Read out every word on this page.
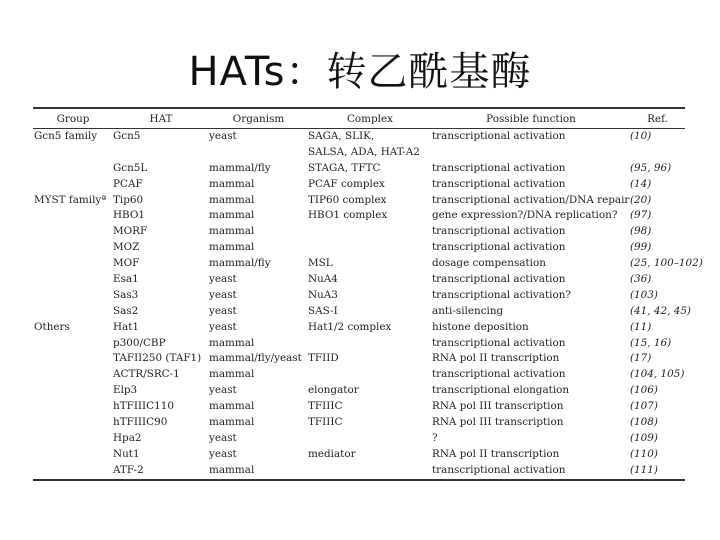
HATs：转乙酰基酶
Group	HAT	Organism	Complex	Possible function	Ref.
Gcn5 family	Gcn5	yeast	SAGA, SLIK,	transcriptional activation	(10)
			SALSA, ADA, HAT-A2		
	Gcn5L	mammal/fly	STAGA, TFTC	transcriptional activation	(95, 96)
	PCAF	mammal	PCAF complex	transcriptional activation	(14)
MYST familyª	Tip60	mammal	TIP60 complex	transcriptional activation/DNA repair	(20)
	HBO1	mammal	HBO1 complex	gene expression?/DNA replication?	(97)
	MORF	mammal		transcriptional activation	(98)
	MOZ	mammal		transcriptional activation	(99)
	MOF	mammal/fly	MSL	dosage compensation	(25, 100–102)
	Esa1	yeast	NuA4	transcriptional activation	(36)
	Sas3	yeast	NuA3	transcriptional activation?	(103)
	Sas2	yeast	SAS-I	anti-silencing	(41, 42, 45)
Others	Hat1	yeast	Hat1/2 complex	histone deposition	(11)
	p300/CBP	mammal		transcriptional activation	(15, 16)
	TAFII250 (TAF1)	mammal/fly/yeast	TFIID	RNA pol II transcription	(17)
	ACTR/SRC-1	mammal		transcriptional activation	(104, 105)
	Elp3	yeast	elongator	transcriptional elongation	(106)
	hTFIIIC110	mammal	TFIIIC	RNA pol III transcription	(107)
	hTFIIIC90	mammal	TFIIIC	RNA pol III transcription	(108)
	Hpa2	yeast		?	(109)
	Nut1	yeast	mediator	RNA pol II transcription	(110)
	ATF-2	mammal		transcriptional activation	(111)
